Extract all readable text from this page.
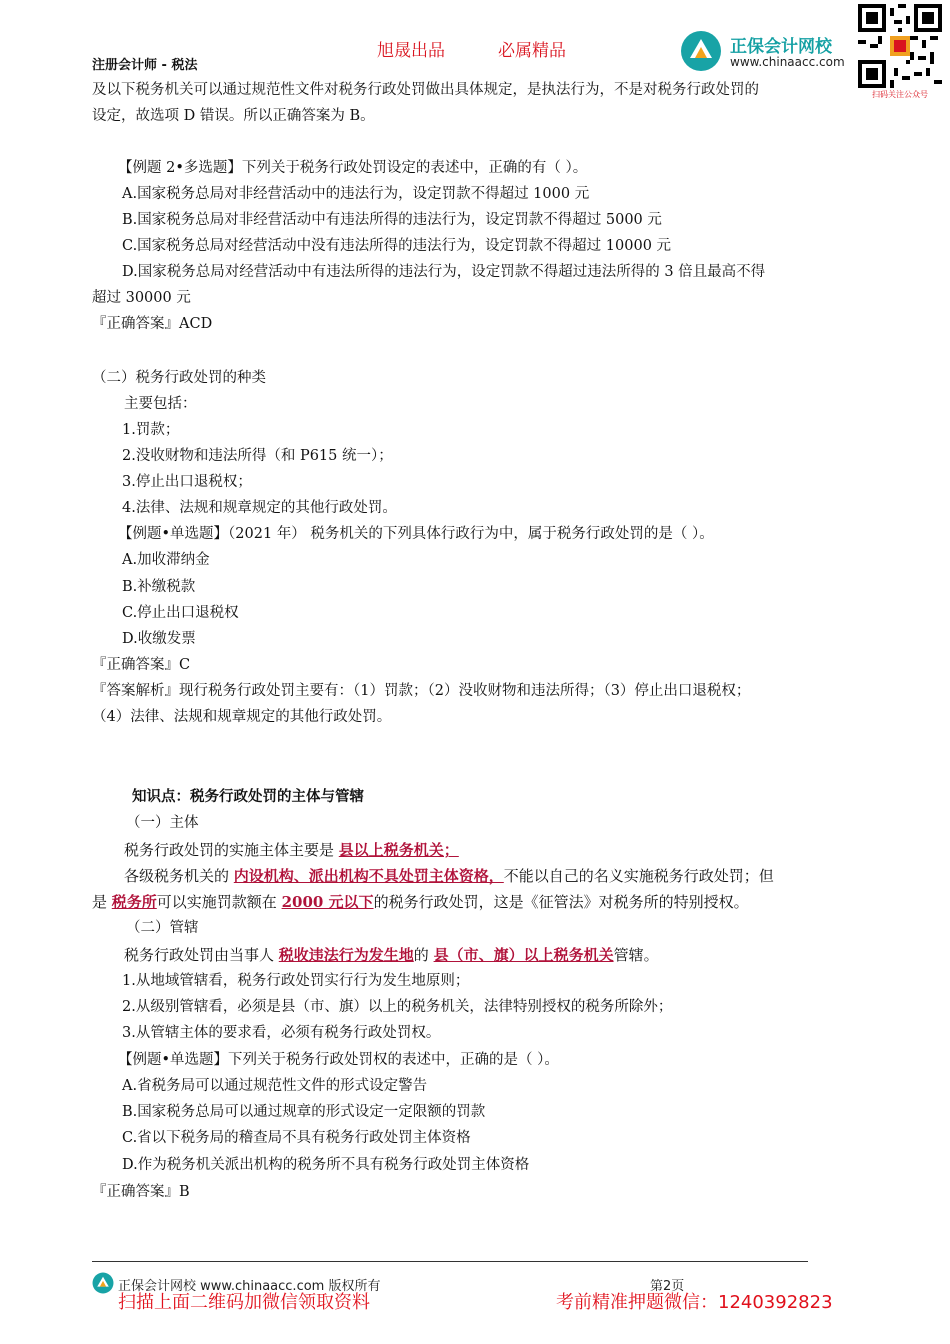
旭晟出品	必属精品
注册会计师 - 税法
正保会计网校
www.chinaacc.com
扫码关注公众号
及以下税务机关可以通过规范性文件对税务行政处罚做出具体规定，是执法行为，不是对税务行政处罚的
设定，故选项 D 错误。所以正确答案为 B。
【例题 2•多选题】下列关于税务行政处罚设定的表述中，正确的有（ ）。
A.国家税务总局对非经营活动中的违法行为，设定罚款不得超过 1000 元
B.国家税务总局对非经营活动中有违法所得的违法行为，设定罚款不得超过 5000 元
C.国家税务总局对经营活动中没有违法所得的违法行为，设定罚款不得超过 10000 元
D.国家税务总局对经营活动中有违法所得的违法行为，设定罚款不得超过违法所得的 3 倍且最高不得
超过 30000 元
『正确答案』ACD
（二）税务行政处罚的种类
主要包括：
1.罚款；
2.没收财物和违法所得（和 P615 统一）；
3.停止出口退税权；
4.法律、法规和规章规定的其他行政处罚。
【例题•单选题】（2021 年） 税务机关的下列具体行政行为中，属于税务行政处罚的是（ ）。
A.加收滞纳金
B.补缴税款
C.停止出口退税权
D.收缴发票
『正确答案』C
『答案解析』现行税务行政处罚主要有：（1）罚款；（2）没收财物和违法所得；（3）停止出口退税权；
（4）法律、法规和规章规定的其他行政处罚。
知识点：税务行政处罚的主体与管辖
（一）主体
税务行政处罚的实施主体主要是 县以上税务机关；
各级税务机关的 内设机构、派出机构不具处罚主体资格，不能以自己的名义实施税务行政处罚；但
是 税务所可以实施罚款额在 2000 元以下的税务行政处罚，这是《征管法》对税务所的特别授权。
（二）管辖
税务行政处罚由当事人 税收违法行为发生地的 县（市、旗）以上税务机关管辖。
1.从地域管辖看，税务行政处罚实行行为发生地原则；
2.从级别管辖看，必须是县（市、旗）以上的税务机关，法律特别授权的税务所除外；
3.从管辖主体的要求看，必须有税务行政处罚权。
【例题•单选题】下列关于税务行政处罚权的表述中，正确的是（ ）。
A.省税务局可以通过规范性文件的形式设定警告
B.国家税务总局可以通过规章的形式设定一定限额的罚款
C.省以下税务局的稽查局不具有税务行政处罚主体资格
D.作为税务机关派出机构的税务所不具有税务行政处罚主体资格
『正确答案』B
正保会计网校 www.chinaacc.com 版权所有	第2页
扫描上面二维码加微信领取资料	考前精准押题微信：1240392823
